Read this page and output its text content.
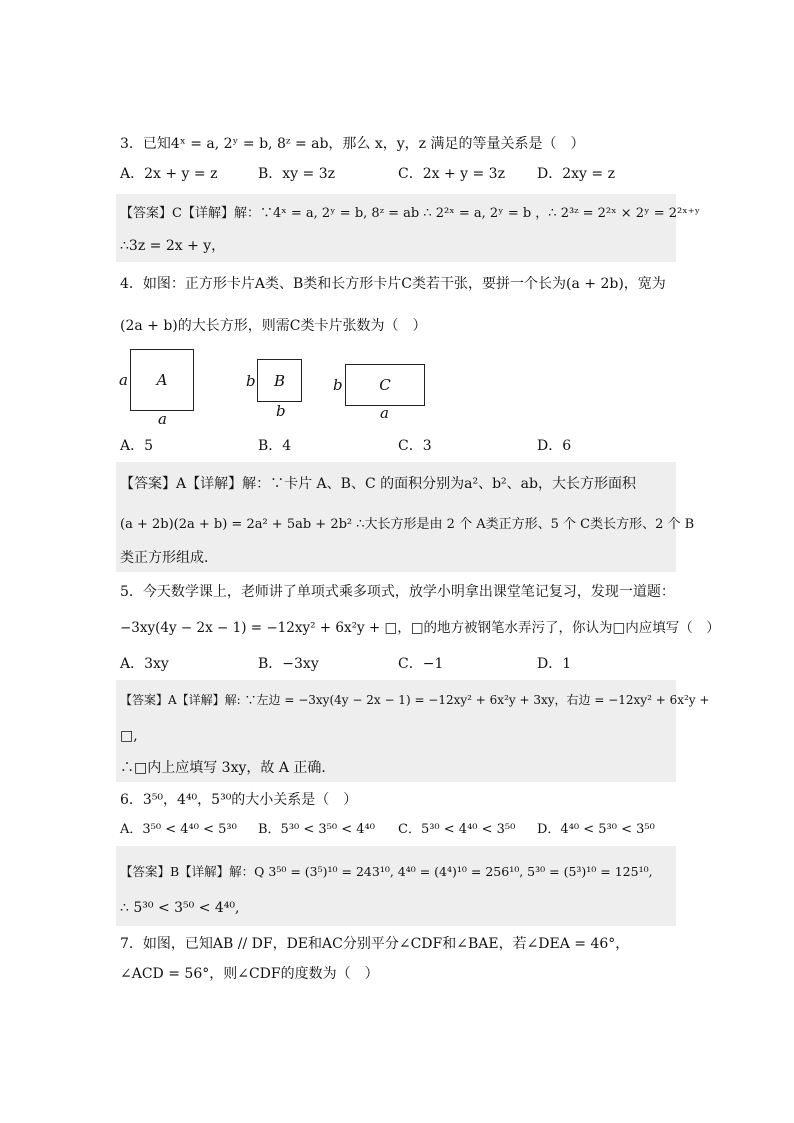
3．已知4ˣ = a, 2ʸ = b, 8ᶻ = ab，那么 x，y，z 满足的等量关系是（　）
A．2x + y = z	B．xy = 3z	C．2x + y = 3z D．2xy = z
【答案】C【详解】解：∵4ˣ = a, 2ʸ = b, 8ᶻ = ab ∴ 2²ˣ = a, 2ʸ = b ，∴ 2³ᶻ = 2²ˣ × 2ʸ = 2²ˣ⁺ʸ
∴3z = 2x + y，
4．如图：正方形卡片A类、B类和长方形卡片C类若干张，要拼一个长为(a + 2b)，宽为
(2a + b)的大长方形，则需C类卡片张数为（　）
a A
a
b B
b
b C
a
A．5	B．4	C．3	D．6
【答案】A【详解】解：∵卡片 A、B、C 的面积分别为a²、b²、ab，大长方形面积
(a + 2b)(2a + b) = 2a² + 5ab + 2b² ∴大长方形是由 2 个 A类正方形、5 个 C类长方形、2 个 B
类正方形组成．
5．今天数学课上，老师讲了单项式乘多项式，放学小明拿出课堂笔记复习，发现一道题：
−3xy(4y − 2x − 1) = −12xy² + 6x²y + □，□的地方被钢笔水弄污了，你认为□内应填写（　）
A．3xy	B．−3xy	C．−1	D．1
【答案】A【详解】解: ∵左边 = −3xy(4y − 2x − 1) = −12xy² + 6x²y + 3xy，右边 = −12xy² + 6x²y +
□,
∴□内上应填写 3xy，故 A 正确．
6．3⁵⁰，4⁴⁰，5³⁰的大小关系是（　）
A．3⁵⁰ < 4⁴⁰ < 5³⁰ B．5³⁰ < 3⁵⁰ < 4⁴⁰ C．5³⁰ < 4⁴⁰ < 3⁵⁰ D．4⁴⁰ < 5³⁰ < 3⁵⁰
【答案】B【详解】解：Q 3⁵⁰ = (3⁵)¹⁰ = 243¹⁰, 4⁴⁰ = (4⁴)¹⁰ = 256¹⁰, 5³⁰ = (5³)¹⁰ = 125¹⁰,
∴ 5³⁰ < 3⁵⁰ < 4⁴⁰,
7．如图，已知AB // DF，DE和AC分别平分∠CDF和∠BAE，若∠DEA = 46°，
∠ACD = 56°，则∠CDF的度数为（　）
